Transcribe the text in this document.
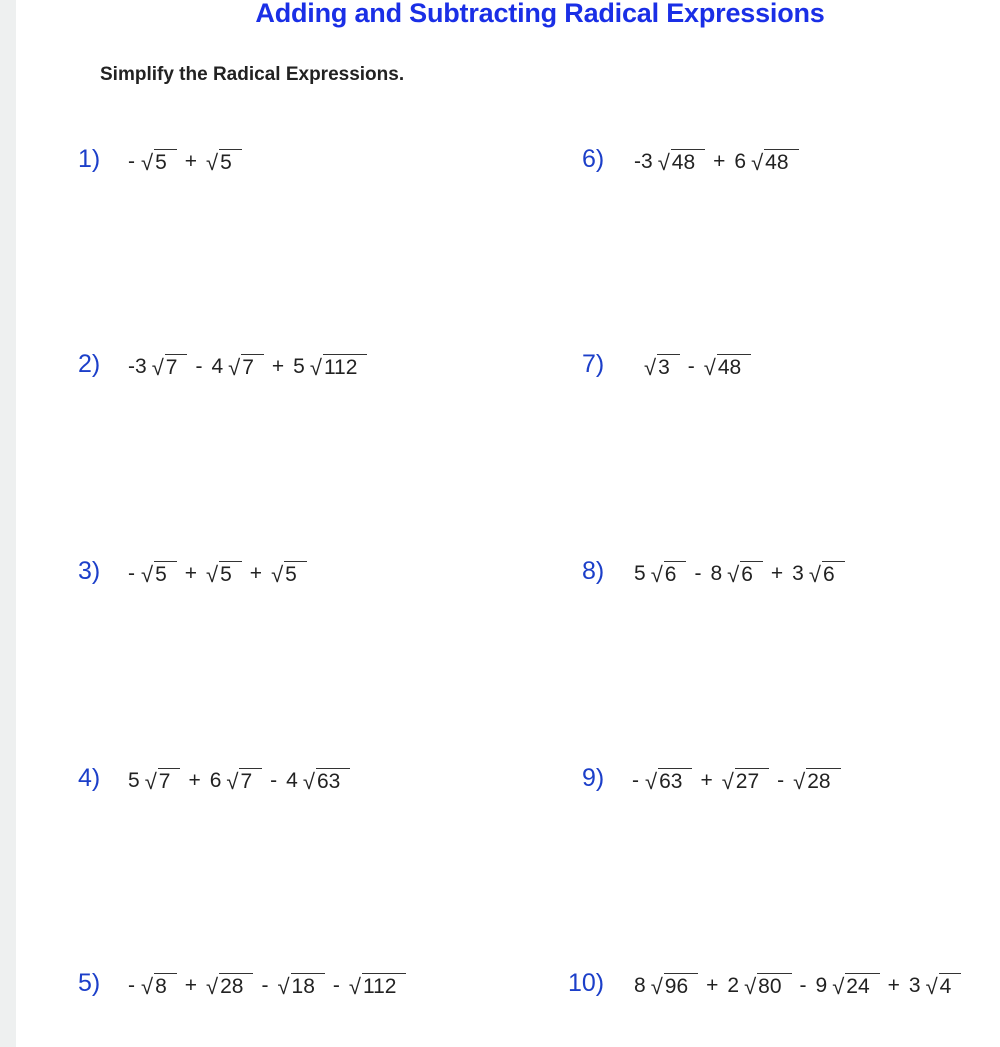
Adding and Subtracting Radical Expressions
Simplify the Radical Expressions.
1) - √ 5 + √ 5
2) -3 √ 7 - 4 √ 7 + 5 √ 112
3) - √ 5 + √ 5 + √ 5
4) 5 √ 7 + 6 √ 7 - 4 √ 63
5) - √ 8 + √ 28 - √ 18 - √ 112
6) -3 √ 48 + 6 √ 48
7) √ 3 - √ 48
8) 5 √ 6 - 8 √ 6 + 3 √ 6
9) - √ 63 + √ 27 - √ 28
10) 8 √ 96 + 2 √ 80 - 9 √ 24 + 3 √ 4
